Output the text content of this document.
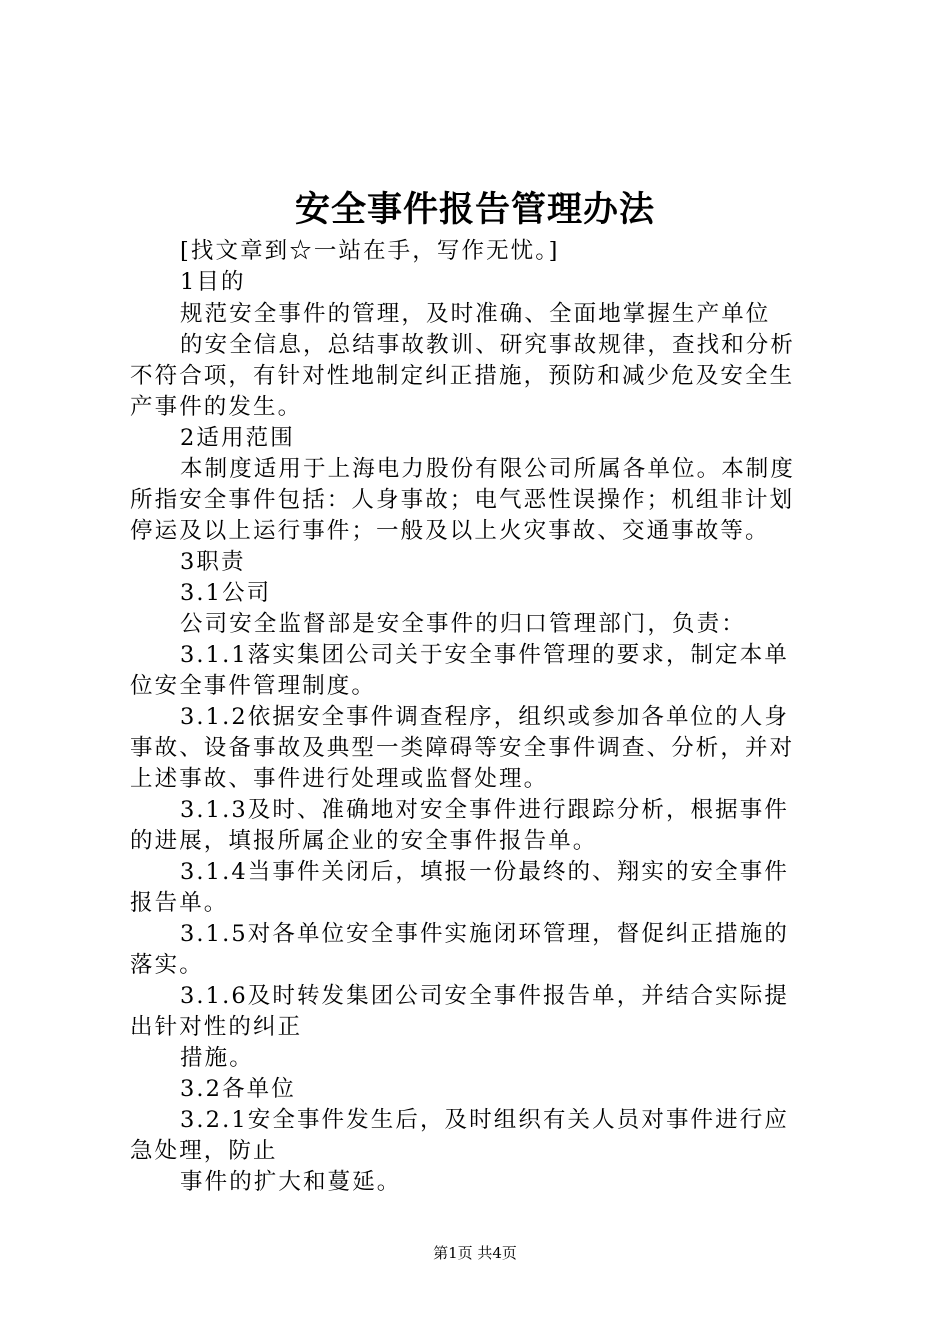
安全事件报告管理办法
[找文章到☆一站在手，写作无忧。]
1目的
规范安全事件的管理，及时准确、全面地掌握生产单位
的安全信息，总结事故教训、研究事故规律，查找和分析
不符合项，有针对性地制定纠正措施，预防和减少危及安全生
产事件的发生。
2适用范围
本制度适用于上海电力股份有限公司所属各单位。本制度
所指安全事件包括：人身事故；电气恶性误操作；机组非计划
停运及以上运行事件；一般及以上火灾事故、交通事故等。
3职责
3.1公司
公司安全监督部是安全事件的归口管理部门，负责：
3.1.1落实集团公司关于安全事件管理的要求，制定本单
位安全事件管理制度。
3.1.2依据安全事件调查程序，组织或参加各单位的人身
事故、设备事故及典型一类障碍等安全事件调查、分析，并对
上述事故、事件进行处理或监督处理。
3.1.3及时、准确地对安全事件进行跟踪分析，根据事件
的进展，填报所属企业的安全事件报告单。
3.1.4当事件关闭后，填报一份最终的、翔实的安全事件
报告单。
3.1.5对各单位安全事件实施闭环管理，督促纠正措施的
落实。
3.1.6及时转发集团公司安全事件报告单，并结合实际提
出针对性的纠正
措施。
3.2各单位
3.2.1安全事件发生后，及时组织有关人员对事件进行应
急处理，防止
事件的扩大和蔓延。
第1页 共4页
